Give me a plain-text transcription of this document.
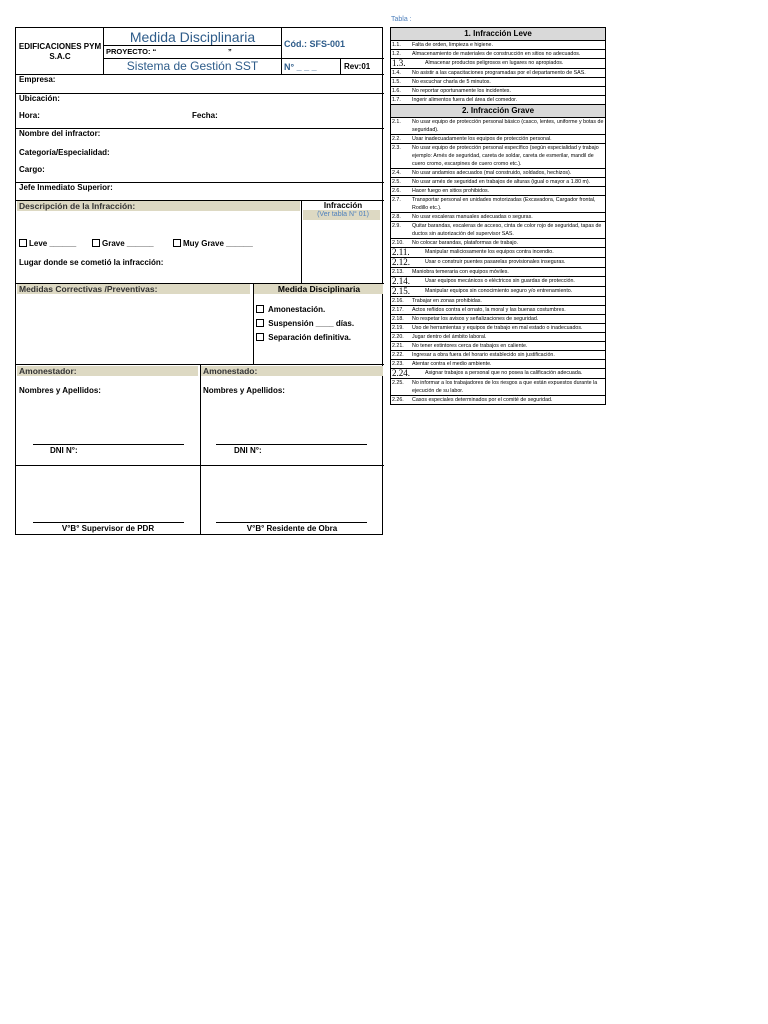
EDIFICACIONES PYM S.A.C
Medida Disciplinaria
PROYECTO: “	”
Sistema de Gestión SST
Cód.: SFS-001
N° _ _ _	Rev:01
Empresa:
Ubicación:
Hora:	Fecha:
Nombre del infractor:
Categoría/Especialidad:
Cargo:
Jefe Inmediato Superior:
Descripción de la Infracción:	Infracción
(Ver tabla N° 01)
Leve ______	Grave ______	Muy Grave ______
Lugar donde se cometió la infracción:
Medidas Correctivas /Preventivas:	Medida Disciplinaria
Amonestación.
Suspensión ____ días.
Separación definitiva.
Amonestador:	Amonestado:
Nombres y Apellidos:	Nombres y Apellidos:
DNI N°:	DNI N°:
V°B° Supervisor de PDR	V°B° Residente de Obra
Tabla :
1. Infracción Leve	
1.1.	Falta de orden, limpieza e higiene.
1.2.	Almacenamiento de materiales de construcción en sitios no adecuados.
1.3.	Almacenar productos peligrosos en lugares no apropiados.
1.4.	No asistir a las capacitaciones programadas por el departamento de SAS.
1.5.	No escuchar charla de 5 minutos.
1.6.	No reportar oportunamente los incidentes.
1.7.	Ingerir alimentos fuera del área del comedor.
2. Infracción Grave	
2.1.	No usar equipo de protección personal básico (casco, lentes, uniforme y botas de seguridad).
2.2.	Usar inadecuadamente los equipos de protección personal.
2.3.	No usar equipo de protección personal específico (según especialidad y trabajo ejemplo: Arnés de seguridad, careta de soldar, careta de esmerilar, mandil de cuero cromo, escarpines de cuero cromo etc.).
2.4.	No usar andamios adecuados (mal construido, soldados, hechizos).
2.5.	No usar arnés de seguridad en trabajos de alturas (igual o mayor a 1.80 m).
2.6.	Hacer fuego en sitios prohibidos.
2.7.	Transportar personal en unidades motorizadas (Excavadora, Cargador frontal, Rodillo etc.).
2.8.	No usar escaleras manuales adecuadas o seguras.
2.9.	Quitar barandas, escaleras de acceso, cinta de color rojo de seguridad, tapas de ductos sin autorización del supervisor SAS.
2.10.	No colocar barandas, plataformas de trabajo.
2.11.	Manipular maliciosamente los equipos contra incendio.
2.12.	Usar o construir puentes pasarelas provisionales inseguras.
2.13.	Maniobra temeraria con equipos móviles.
2.14.	Usar equipos mecánicos o eléctricos sin guardas de protección.
2.15.	Manipular equipos sin conocimiento seguro y/o entrenamiento.
2.16.	Trabajar en zonas prohibidas.
2.17.	Actos reñidos contra el ornato, la moral y las buenas costumbres.
2.18.	No respetar los avisos y señalizaciones de seguridad.
2.19.	Uso de herramientas y equipos de trabajo en mal estado o inadecuados.
2.20.	Jugar dentro del ámbito laboral.
2.21.	No tener extintores cerca de trabajos en caliente.
2.22.	Ingresar a obra fuera del horario establecido sin justificación.
2.23.	Atentar contra el medio ambiente.
2.24.	Asignar trabajos a personal que no posea la calificación adecuada.
2.25.	No informar a los trabajadores de los riesgos a que están expuestos durante la ejecución de su labor.
2.26.	Casos especiales determinados por el comité de seguridad.
